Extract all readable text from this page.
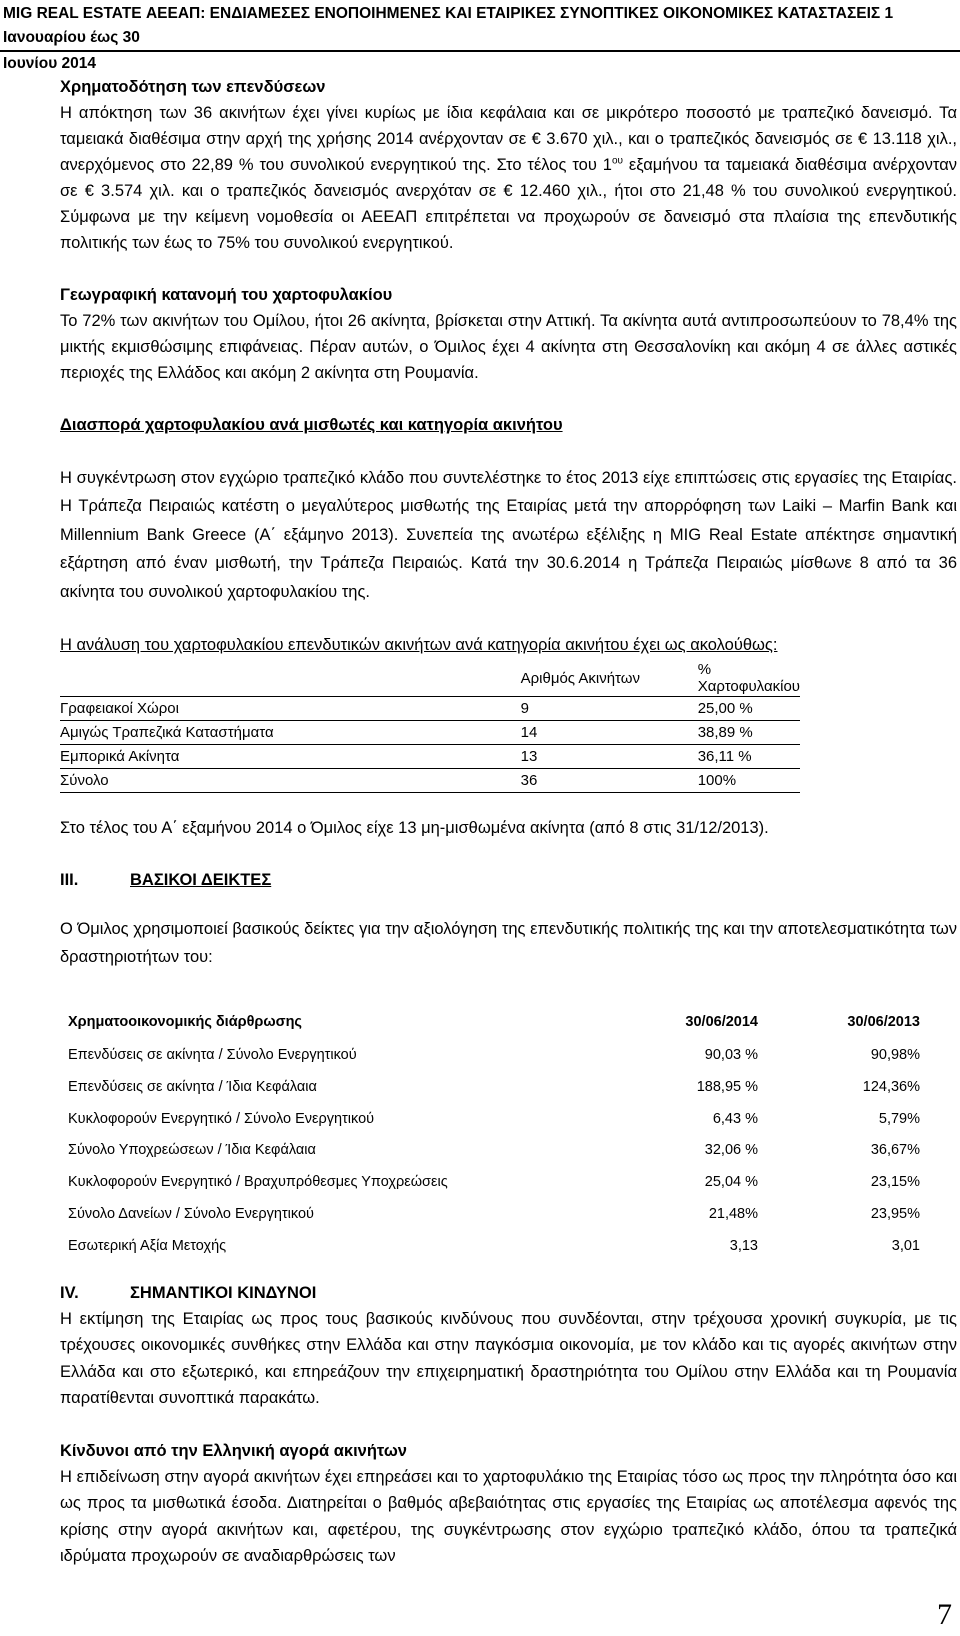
MIG REAL ESTATE ΑΕΕΑΠ: ΕΝΔΙΑΜΕΣΕΣ ΕΝΟΠΟΙΗΜΕΝΕΣ ΚΑΙ ΕΤΑΙΡΙΚΕΣ ΣΥΝΟΠΤΙΚΕΣ ΟΙΚΟΝΟΜΙΚΕΣ ΚΑΤΑΣΤΑΣΕΙΣ 1 Ιανουαρίου έως 30

Ιουνίου 2014

Χρηματοδότηση των επενδύσεων

Η απόκτηση των 36 ακινήτων έχει γίνει κυρίως με ίδια κεφάλαια και σε μικρότερο ποσοστό με τραπεζικό δανεισμό. Τα ταμειακά διαθέσιμα στην αρχή της χρήσης 2014 ανέρχονταν σε € 3.670 χιλ., και ο τραπεζικός δανεισμός σε € 13.118 χιλ., ανερχόμενος στο 22,89 % του συνολικού ενεργητικού της. Στο τέλος του $1^{o\upsilon}$ εξαμήνου τα ταμειακά διαθέσιμα ανέρχονταν σε € 3.574 χιλ. και ο τραπεζικός δανεισμός ανερχόταν σε € 12.460 χιλ., ήτοι στο 21,48 % του συνολικού ενεργητικού. Σύμφωνα με την κείμενη νομοθεσία οι ΑΕΕΑΠ επιτρέπεται να προχωρούν σε δανεισμό στα πλαίσια της επενδυτικής πολιτικής των έως το 75% του συνολικού ενεργητικού.

Γεωγραφική κατανομή του χαρτοφυλακίου

Το 72% των ακινήτων του Ομίλου, ήτοι 26 ακίνητα, βρίσκεται στην Αττική. Τα ακίνητα αυτά αντιπροσωπεύουν το 78,4% της μικτής εκμισθώσιμης επιφάνειας. Πέραν αυτών, ο Όμιλος έχει 4 ακίνητα στη Θεσσαλονίκη και ακόμη 4 σε άλλες αστικές περιοχές της Ελλάδος και ακόμη 2 ακίνητα στη Ρουμανία.

Διασπορά χαρτοφυλακίου ανά μισθωτές και κατηγορία ακινήτου

Η συγκέντρωση στον εγχώριο τραπεζικό κλάδο που συντελέστηκε το έτος 2013 είχε επιπτώσεις στις εργασίες της Εταιρίας. Η Τράπεζα Πειραιώς κατέστη ο μεγαλύτερος μισθωτής της Εταιρίας μετά την απορρόφηση των Laiki – Marfin Bank και Millennium Bank Greece (Α΄ εξάμηνο 2013). Συνεπεία της ανωτέρω εξέλιξης η MIG Real Estate απέκτησε σημαντική εξάρτηση από έναν μισθωτή, την Τράπεζα Πειραιώς. Κατά την 30.6.2014 η Τράπεζα Πειραιώς μίσθωνε 8 από τα 36 ακίνητα του συνολικού χαρτοφυλακίου της.

Η ανάλυση του χαρτοφυλακίου επενδυτικών ακινήτων ανά κατηγορία ακινήτου έχει ως ακολούθως:

	Αριθμός Ακινήτων	% Χαρτοφυλακίου
Γραφειακοί Χώροι	9	25,00 %
Αμιγώς Τραπεζικά Καταστήματα	14	38,89 %
Εμπορικά Ακίνητα	13	36,11 %
Σύνολο	36	100%

Στο τέλος του Α΄ εξαμήνου 2014 ο Όμιλος είχε 13 μη-μισθωμένα ακίνητα (από 8 στις 31/12/2013).

ΙΙΙ.	ΒΑΣΙΚΟΙ ΔΕΙΚΤΕΣ

Ο Όμιλος χρησιμοποιεί βασικούς δείκτες για την αξιολόγηση της επενδυτικής πολιτικής της και την αποτελεσματικότητα των δραστηριοτήτων του:

Χρηματοοικονομικής διάρθρωσης	30/06/2014	30/06/2013
Επενδύσεις σε ακίνητα / Σύνολο Ενεργητικού	90,03 %	90,98%
Επενδύσεις σε ακίνητα / Ίδια Κεφάλαια	188,95 %	124,36%
Κυκλοφορούν Ενεργητικό / Σύνολο Ενεργητικού	6,43 %	5,79%
Σύνολο Υποχρεώσεων / Ίδια Κεφάλαια	32,06 %	36,67%
Κυκλοφορούν Ενεργητικό / Βραχυπρόθεσμες Υποχρεώσεις	25,04 %	23,15%
Σύνολο Δανείων / Σύνολο Ενεργητικού	21,48%	23,95%
Εσωτερική Αξία Μετοχής	3,13	3,01

IV.	ΣΗΜΑΝΤΙΚΟΙ ΚΙΝΔΥΝΟΙ

Η εκτίμηση της Εταιρίας ως προς τους βασικούς κινδύνους που συνδέονται, στην τρέχουσα χρονική συγκυρία, με τις τρέχουσες οικονομικές συνθήκες στην Ελλάδα και στην παγκόσμια οικονομία, με τον κλάδο και τις αγορές ακινήτων στην Ελλάδα και στο εξωτερικό, και επηρεάζουν την επιχειρηματική δραστηριότητα του Ομίλου στην Ελλάδα και τη Ρουμανία παρατίθενται συνοπτικά παρακάτω.

Κίνδυνοι από την Ελληνική αγορά ακινήτων

Η επιδείνωση στην αγορά ακινήτων έχει επηρεάσει και το χαρτοφυλάκιο της Εταιρίας τόσο ως προς την πληρότητα όσο και ως προς τα μισθωτικά έσοδα. Διατηρείται ο βαθμός αβεβαιότητας στις εργασίες της Εταιρίας ως αποτέλεσμα αφενός της κρίσης στην αγορά ακινήτων και, αφετέρου, της συγκέντρωσης στον εγχώριο τραπεζικό κλάδο, όπου τα τραπεζικά ιδρύματα προχωρούν σε αναδιαρθρώσεις των

7
